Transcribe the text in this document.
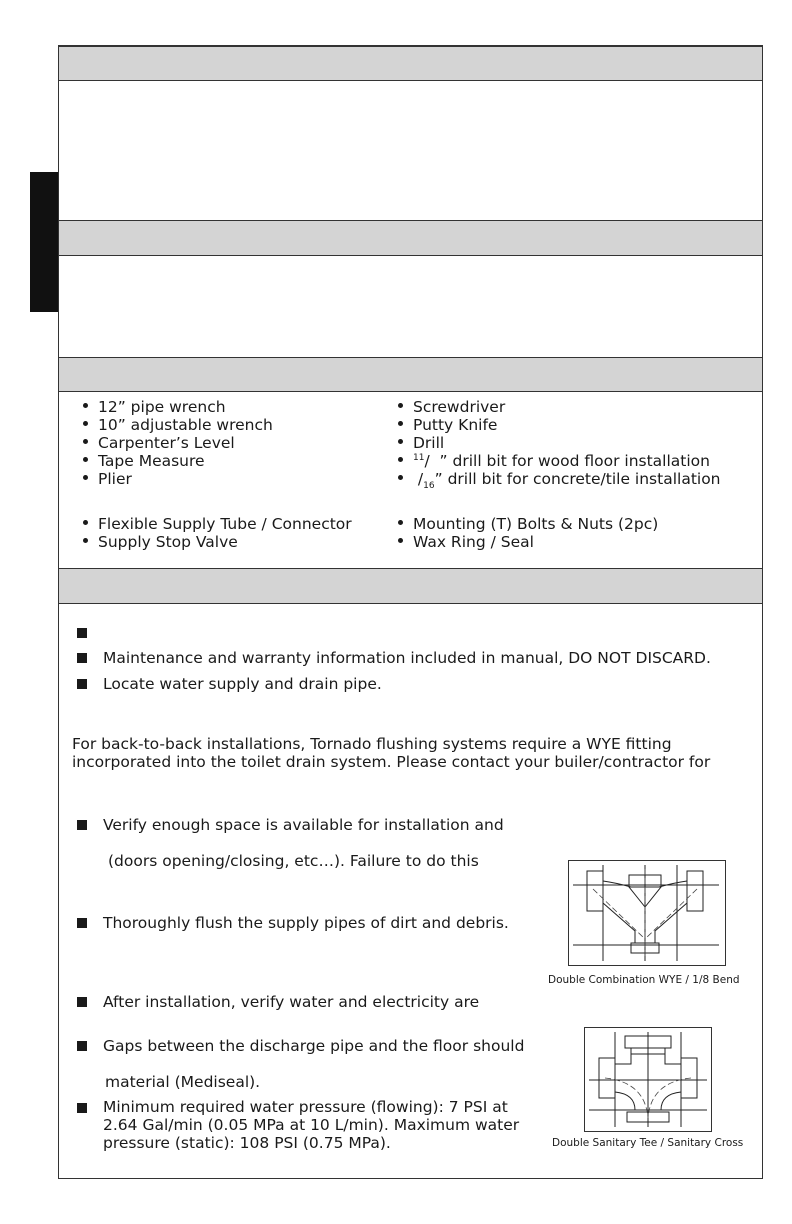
12” pipe wrench
10” adjustable wrench
Carpenter’s Level
Tape Measure
Plier
Screwdriver
Putty Knife
Drill
$^{11}$/ ” drill bit for wood floor installation
$/_{16}$” drill bit for concrete/tile installation
Flexible Supply Tube / Connector
Supply Stop Valve
Mounting (T) Bolts & Nuts (2pc)
Wax Ring / Seal
Maintenance and warranty information included in manual, DO NOT DISCARD.
Locate water supply and drain pipe.
For back-to-back installations, Tornado flushing systems require a WYE fitting
incorporated into the toilet drain system. Please contact your builer/contractor for
Verify enough space is available for installation and
(doors opening/closing, etc…). Failure to do this
Thoroughly flush the supply pipes of dirt and debris.
After installation, verify water and electricity are
Gaps between the discharge pipe and the floor should
material (Mediseal).
Minimum required water pressure (flowing): 7 PSI at
2.64 Gal/min (0.05 MPa at 10 L/min). Maximum water
pressure (static): 108 PSI (0.75 MPa).
Double Combination WYE / 1/8 Bend
Double Sanitary Tee / Sanitary Cross
